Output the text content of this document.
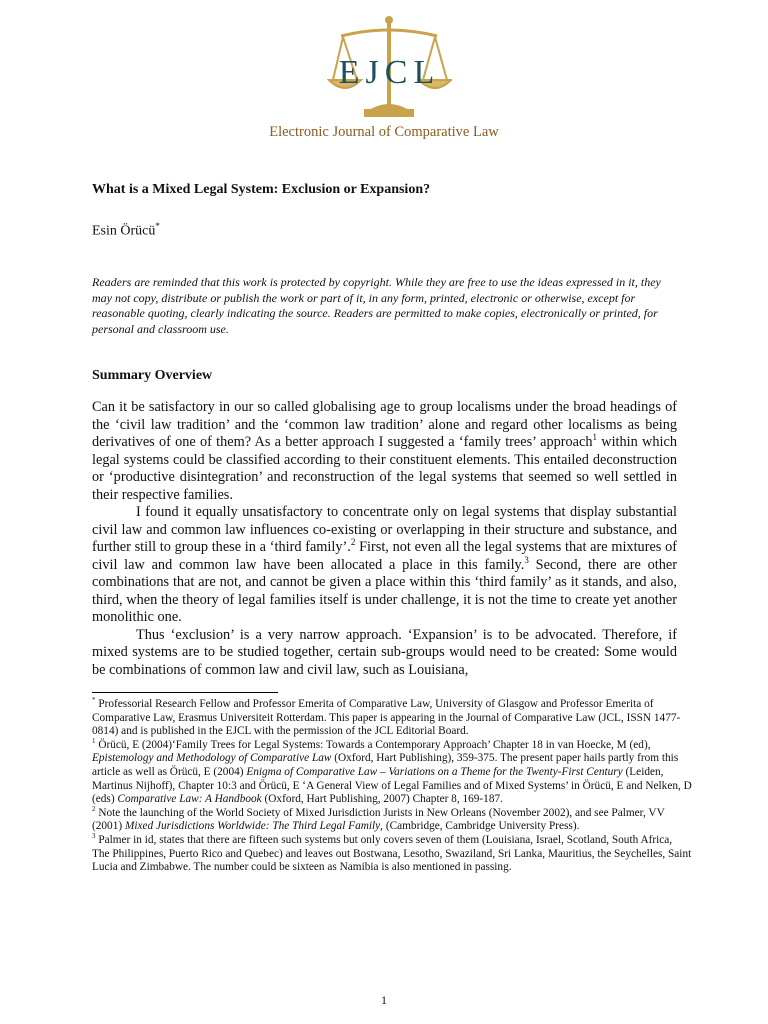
EJCL
Electronic Journal of Comparative Law
What is a Mixed Legal System: Exclusion or Expansion?
Esin Örücü*
Readers are reminded that this work is protected by copyright. While they are free to use the ideas expressed in it, they may not copy, distribute or publish the work or part of it, in any form, printed, electronic or otherwise, except for reasonable quoting, clearly indicating the source. Readers are permitted to make copies, electronically or printed, for personal and classroom use.
Summary Overview

Can it be satisfactory in our so called globalising age to group localisms under the broad headings of the ‘civil law tradition’ and the ‘common law tradition’ alone and regard other localisms as being derivatives of one of them? As a better approach I suggested a ‘family trees’ approach$^1$ within which legal systems could be classified according to their constituent elements. This entailed deconstruction or ‘productive disintegration’ and reconstruction of the legal systems that seemed so well settled in their respective families.

I found it equally unsatisfactory to concentrate only on legal systems that display substantial civil law and common law influences co-existing or overlapping in their structure and substance, and further still to group these in a ‘third family’.$^2$ First, not even all the legal systems that are mixtures of civil law and common law have been allocated a place in this family.$^3$ Second, there are other combinations that are not, and cannot be given a place within this ‘third family’ as it stands, and also, third, when the theory of legal families itself is under challenge, it is not the time to create yet another monolithic one.

Thus ‘exclusion’ is a very narrow approach. ‘Expansion’ is to be advocated. Therefore, if mixed systems are to be studied together, certain sub-groups would need to be created: Some would be combinations of common law and civil law, such as Louisiana,

* Professorial Research Fellow and Professor Emerita of Comparative Law, University of Glasgow and Professor Emerita of Comparative Law, Erasmus Universiteit Rotterdam. This paper is appearing in the Journal of Comparative Law (JCL, ISSN 1477-0814) and is published in the EJCL with the permission of the JCL Editorial Board.

$^1$ Örücü, E (2004)‘Family Trees for Legal Systems: Towards a Contemporary Approach’ Chapter 18 in van Hoecke, M (ed), Epistemology and Methodology of Comparative Law (Oxford, Hart Publishing), 359-375. The present paper hails partly from this article as well as Örücü, E (2004) Enigma of Comparative Law – Variations on a Theme for the Twenty-First Century (Leiden, Martinus Nijhoff), Chapter 10:3 and Örücü, E ‘A General View of Legal Families and of Mixed Systems’ in Örücü, E and Nelken, D (eds) Comparative Law: A Handbook (Oxford, Hart Publishing, 2007) Chapter 8, 169-187.

$^2$ Note the launching of the World Society of Mixed Jurisdiction Jurists in New Orleans (November 2002), and see Palmer, VV (2001) Mixed Jurisdictions Worldwide: The Third Legal Family, (Cambridge, Cambridge University Press).

$^3$ Palmer in id, states that there are fifteen such systems but only covers seven of them (Louisiana, Israel, Scotland, South Africa, The Philippines, Puerto Rico and Quebec) and leaves out Bostwana, Lesotho, Swaziland, Sri Lanka, Mauritius, the Seychelles, Saint Lucia and Zimbabwe. The number could be sixteen as Namibia is also mentioned in passing.

1
